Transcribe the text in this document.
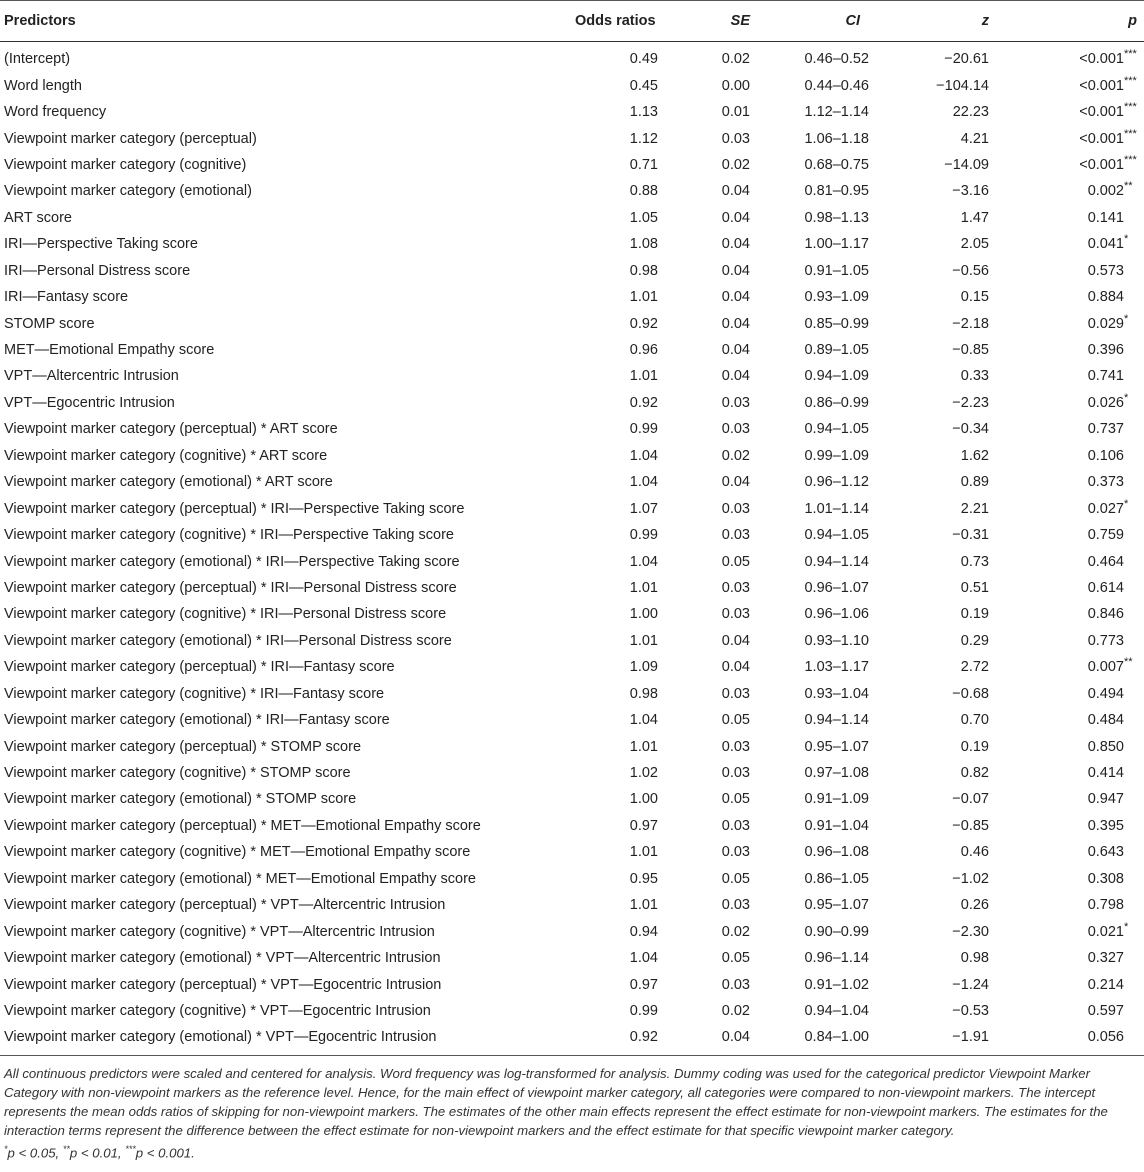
Predictors	Odds ratios	SE	CI	z	p
(Intercept)	0.49	0.02	0.46–0.52	−20.61	<0.001***
Word length	0.45	0.00	0.44–0.46	−104.14	<0.001***
Word frequency	1.13	0.01	1.12–1.14	22.23	<0.001***
Viewpoint marker category (perceptual)	1.12	0.03	1.06–1.18	4.21	<0.001***
Viewpoint marker category (cognitive)	0.71	0.02	0.68–0.75	−14.09	<0.001***
Viewpoint marker category (emotional)	0.88	0.04	0.81–0.95	−3.16	0.002**
ART score	1.05	0.04	0.98–1.13	1.47	0.141
IRI—Perspective Taking score	1.08	0.04	1.00–1.17	2.05	0.041*
IRI—Personal Distress score	0.98	0.04	0.91–1.05	−0.56	0.573
IRI—Fantasy score	1.01	0.04	0.93–1.09	0.15	0.884
STOMP score	0.92	0.04	0.85–0.99	−2.18	0.029*
MET—Emotional Empathy score	0.96	0.04	0.89–1.05	−0.85	0.396
VPT—Altercentric Intrusion	1.01	0.04	0.94–1.09	0.33	0.741
VPT—Egocentric Intrusion	0.92	0.03	0.86–0.99	−2.23	0.026*
Viewpoint marker category (perceptual) * ART score	0.99	0.03	0.94–1.05	−0.34	0.737
Viewpoint marker category (cognitive) * ART score	1.04	0.02	0.99–1.09	1.62	0.106
Viewpoint marker category (emotional) * ART score	1.04	0.04	0.96–1.12	0.89	0.373
Viewpoint marker category (perceptual) * IRI—Perspective Taking score	1.07	0.03	1.01–1.14	2.21	0.027*
Viewpoint marker category (cognitive) * IRI—Perspective Taking score	0.99	0.03	0.94–1.05	−0.31	0.759
Viewpoint marker category (emotional) * IRI—Perspective Taking score	1.04	0.05	0.94–1.14	0.73	0.464
Viewpoint marker category (perceptual) * IRI—Personal Distress score	1.01	0.03	0.96–1.07	0.51	0.614
Viewpoint marker category (cognitive) * IRI—Personal Distress score	1.00	0.03	0.96–1.06	0.19	0.846
Viewpoint marker category (emotional) * IRI—Personal Distress score	1.01	0.04	0.93–1.10	0.29	0.773
Viewpoint marker category (perceptual) * IRI—Fantasy score	1.09	0.04	1.03–1.17	2.72	0.007**
Viewpoint marker category (cognitive) * IRI—Fantasy score	0.98	0.03	0.93–1.04	−0.68	0.494
Viewpoint marker category (emotional) * IRI—Fantasy score	1.04	0.05	0.94–1.14	0.70	0.484
Viewpoint marker category (perceptual) * STOMP score	1.01	0.03	0.95–1.07	0.19	0.850
Viewpoint marker category (cognitive) * STOMP score	1.02	0.03	0.97–1.08	0.82	0.414
Viewpoint marker category (emotional) * STOMP score	1.00	0.05	0.91–1.09	−0.07	0.947
Viewpoint marker category (perceptual) * MET—Emotional Empathy score	0.97	0.03	0.91–1.04	−0.85	0.395
Viewpoint marker category (cognitive) * MET—Emotional Empathy score	1.01	0.03	0.96–1.08	0.46	0.643
Viewpoint marker category (emotional) * MET—Emotional Empathy score	0.95	0.05	0.86–1.05	−1.02	0.308
Viewpoint marker category (perceptual) * VPT—Altercentric Intrusion	1.01	0.03	0.95–1.07	0.26	0.798
Viewpoint marker category (cognitive) * VPT—Altercentric Intrusion	0.94	0.02	0.90–0.99	−2.30	0.021*
Viewpoint marker category (emotional) * VPT—Altercentric Intrusion	1.04	0.05	0.96–1.14	0.98	0.327
Viewpoint marker category (perceptual) * VPT—Egocentric Intrusion	0.97	0.03	0.91–1.02	−1.24	0.214
Viewpoint marker category (cognitive) * VPT—Egocentric Intrusion	0.99	0.02	0.94–1.04	−0.53	0.597
Viewpoint marker category (emotional) * VPT—Egocentric Intrusion	0.92	0.04	0.84–1.00	−1.91	0.056
All continuous predictors were scaled and centered for analysis. Word frequency was log-transformed for analysis. Dummy coding was used for the categorical predictor Viewpoint Marker Category with non-viewpoint markers as the reference level. Hence, for the main effect of viewpoint marker category, all categories were compared to non-viewpoint markers. The intercept represents the mean odds ratios of skipping for non-viewpoint markers. The estimates of the other main effects represent the effect estimate for non-viewpoint markers. The estimates for the interaction terms represent the difference between the effect estimate for non-viewpoint markers and the effect estimate for that specific viewpoint marker category.
*p < 0.05, **p < 0.01, ***p < 0.001.
